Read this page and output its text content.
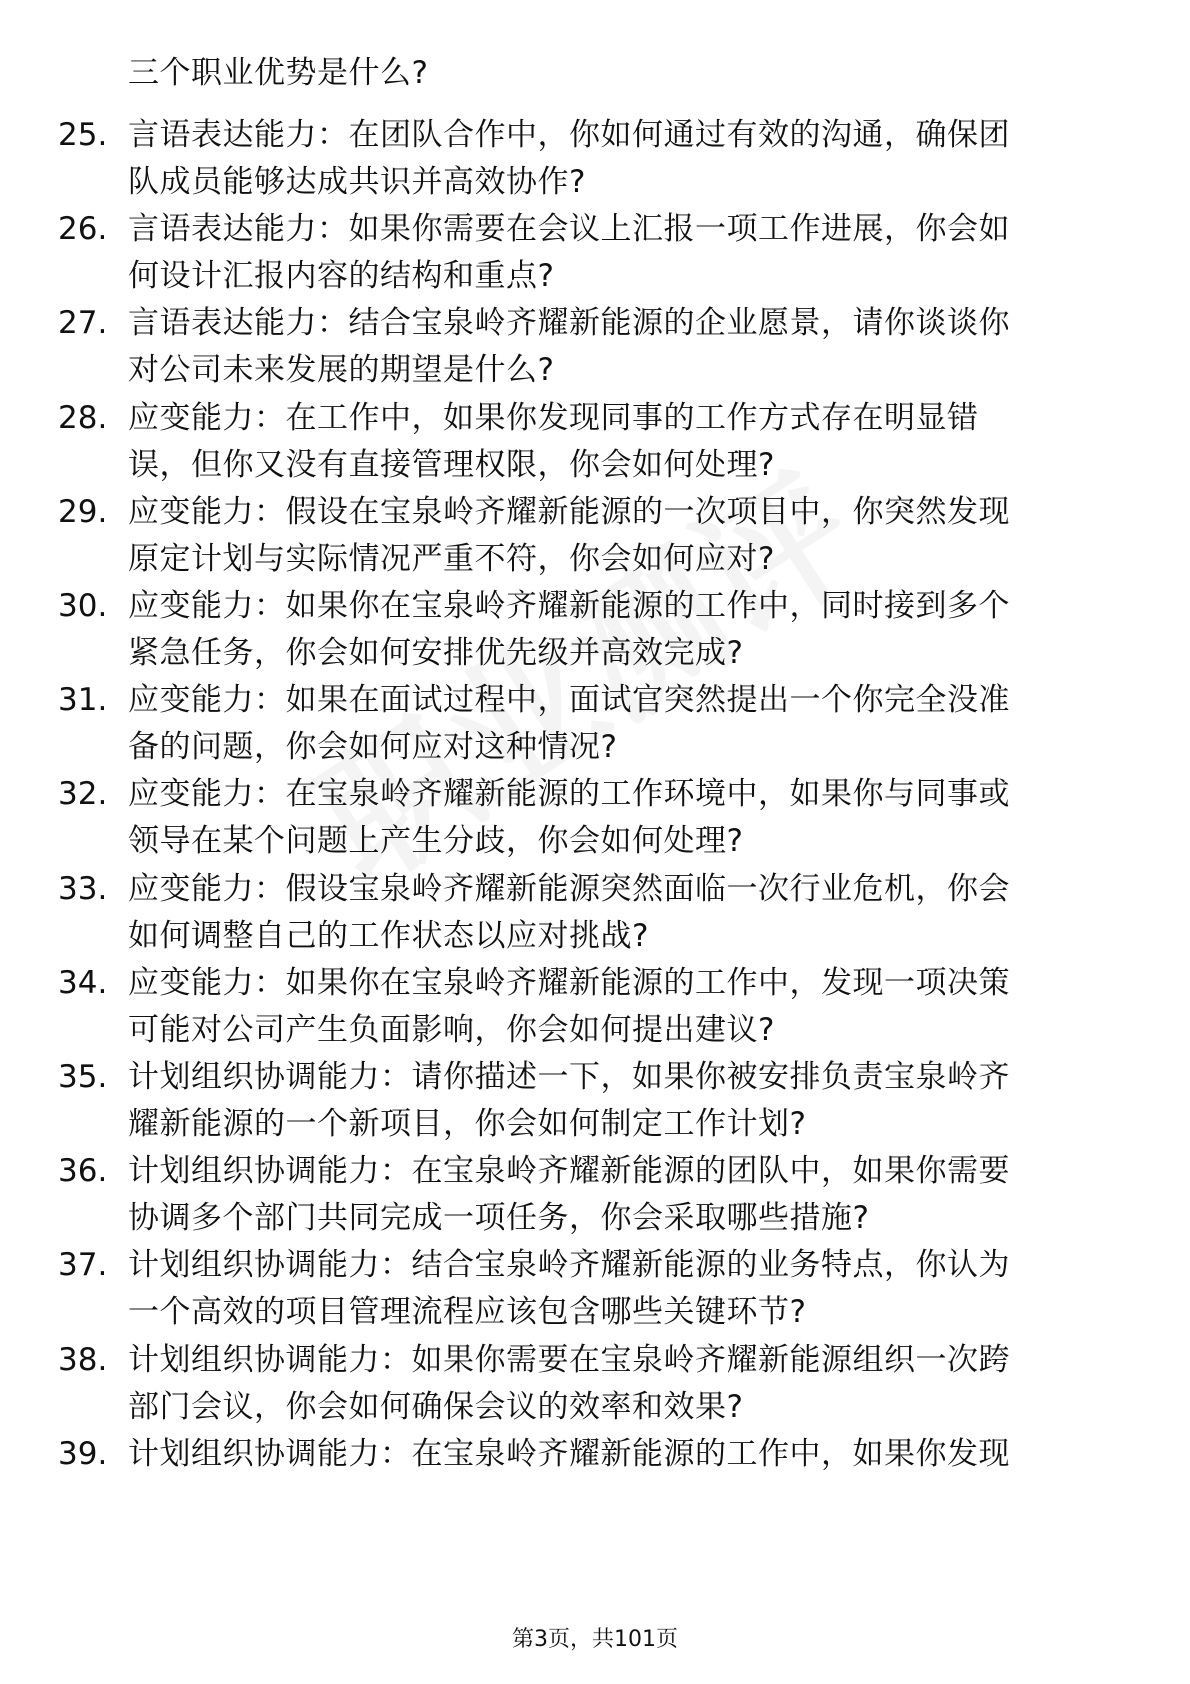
三个职业优势是什么?
25. 言语表达能力：在团队合作中，你如何通过有效的沟通，确保团
队成员能够达成共识并高效协作?
26. 言语表达能力：如果你需要在会议上汇报一项工作进展，你会如
何设计汇报内容的结构和重点?
27. 言语表达能力：结合宝泉岭齐耀新能源的企业愿景，请你谈谈你
对公司未来发展的期望是什么?
28. 应变能力：在工作中，如果你发现同事的工作方式存在明显错
误，但你又没有直接管理权限，你会如何处理?
29. 应变能力：假设在宝泉岭齐耀新能源的一次项目中，你突然发现
原定计划与实际情况严重不符，你会如何应对?
30. 应变能力：如果你在宝泉岭齐耀新能源的工作中，同时接到多个
紧急任务，你会如何安排优先级并高效完成?
31. 应变能力：如果在面试过程中，面试官突然提出一个你完全没准
备的问题，你会如何应对这种情况?
32. 应变能力：在宝泉岭齐耀新能源的工作环境中，如果你与同事或
领导在某个问题上产生分歧，你会如何处理?
33. 应变能力：假设宝泉岭齐耀新能源突然面临一次行业危机，你会
如何调整自己的工作状态以应对挑战?
34. 应变能力：如果你在宝泉岭齐耀新能源的工作中，发现一项决策
可能对公司产生负面影响，你会如何提出建议?
35. 计划组织协调能力：请你描述一下，如果你被安排负责宝泉岭齐
耀新能源的一个新项目，你会如何制定工作计划?
36. 计划组织协调能力：在宝泉岭齐耀新能源的团队中，如果你需要
协调多个部门共同完成一项任务，你会采取哪些措施?
37. 计划组织协调能力：结合宝泉岭齐耀新能源的业务特点，你认为
一个高效的项目管理流程应该包含哪些关键环节?
38. 计划组织协调能力：如果你需要在宝泉岭齐耀新能源组织一次跨
部门会议，你会如何确保会议的效率和效果?
39. 计划组织协调能力：在宝泉岭齐耀新能源的工作中，如果你发现
第3页，共101页
